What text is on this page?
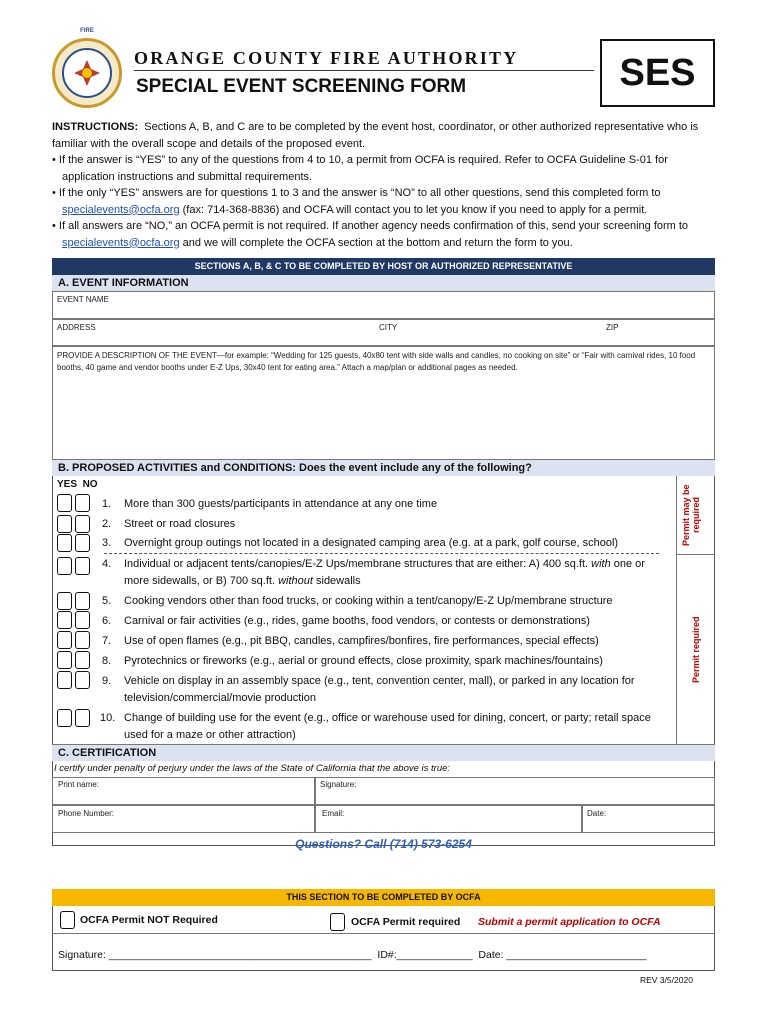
FIRE
ORANGE COUNTY FIRE AUTHORITY
SPECIAL EVENT SCREENING FORM	SES

INSTRUCTIONS: Sections A, B, and C are to be completed by the event host, coordinator, or other authorized representative who is familiar with the overall scope and details of the proposed event.

• If the answer is “YES” to any of the questions from 4 to 10, a permit from OCFA is required. Refer to OCFA Guideline S-01 for application instructions and submittal requirements.

• If the only “YES” answers are for questions 1 to 3 and the answer is “NO” to all other questions, send this completed form to specialevents@ocfa.org (fax: 714-368-8836) and OCFA will contact you to let you know if you need to apply for a permit.

• If all answers are “NO,” an OCFA permit is not required. If another agency needs confirmation of this, send your screening form to specialevents@ocfa.org and we will complete the OCFA section at the bottom and return the form to you.

SECTIONS A, B, & C TO BE COMPLETED BY HOST OR AUTHORIZED REPRESENTATIVE
A. EVENT INFORMATION
EVENT NAME
ADDRESS	CITY	ZIP
PROVIDE A DESCRIPTION OF THE EVENT—for example: “Wedding for 125 guests, 40x80 tent with side walls and candles, no cooking on site” or “Fair with carnival rides, 10 food booths, 40 game and vendor booths under E-Z Ups, 30x40 tent for eating area.” Attach a map/plan or additional pages as needed.
B. PROPOSED ACTIVITIES and CONDITIONS: Does the event include any of the following?
YES  NO	Permit may be required
Permit required
1. More than 300 guests/participants in attendance at any one time
2. Street or road closures
3. Overnight group outings not located in a designated camping area (e.g. at a park, golf course, school)
4. Individual or adjacent tents/canopies/E-Z Ups/membrane structures that are either: A) 400 sq.ft. with one or more sidewalls, or B) 700 sq.ft. without sidewalls
5. Cooking vendors other than food trucks, or cooking within a tent/canopy/E-Z Up/membrane structure
6. Carnival or fair activities (e.g., rides, game booths, food vendors, or contests or demonstrations)
7. Use of open flames (e.g., pit BBQ, candles, campfires/bonfires, fire performances, special effects)
8. Pyrotechnics or fireworks (e.g., aerial or ground effects, close proximity, spark machines/fountains)
9. Vehicle on display in an assembly space (e.g., tent, convention center, mall), or parked in any location for television/commercial/movie production
10. Change of building use for the event (e.g., office or warehouse used for dining, concert, or party; retail space used for a maze or other attraction)
C. CERTIFICATION
I certify under penalty of perjury under the laws of the State of California that the above is true:
Print name:	Signature:
Phone Number:	Email:	Date:
Questions? Call (714) 573-6254
THIS SECTION TO BE COMPLETED BY OCFA
OCFA Permit NOT Required	OCFA Permit required Submit a permit application to OCFA
Signature: _____________________________________________  ID#:_____________  Date: ________________________
REV 3/5/2020
